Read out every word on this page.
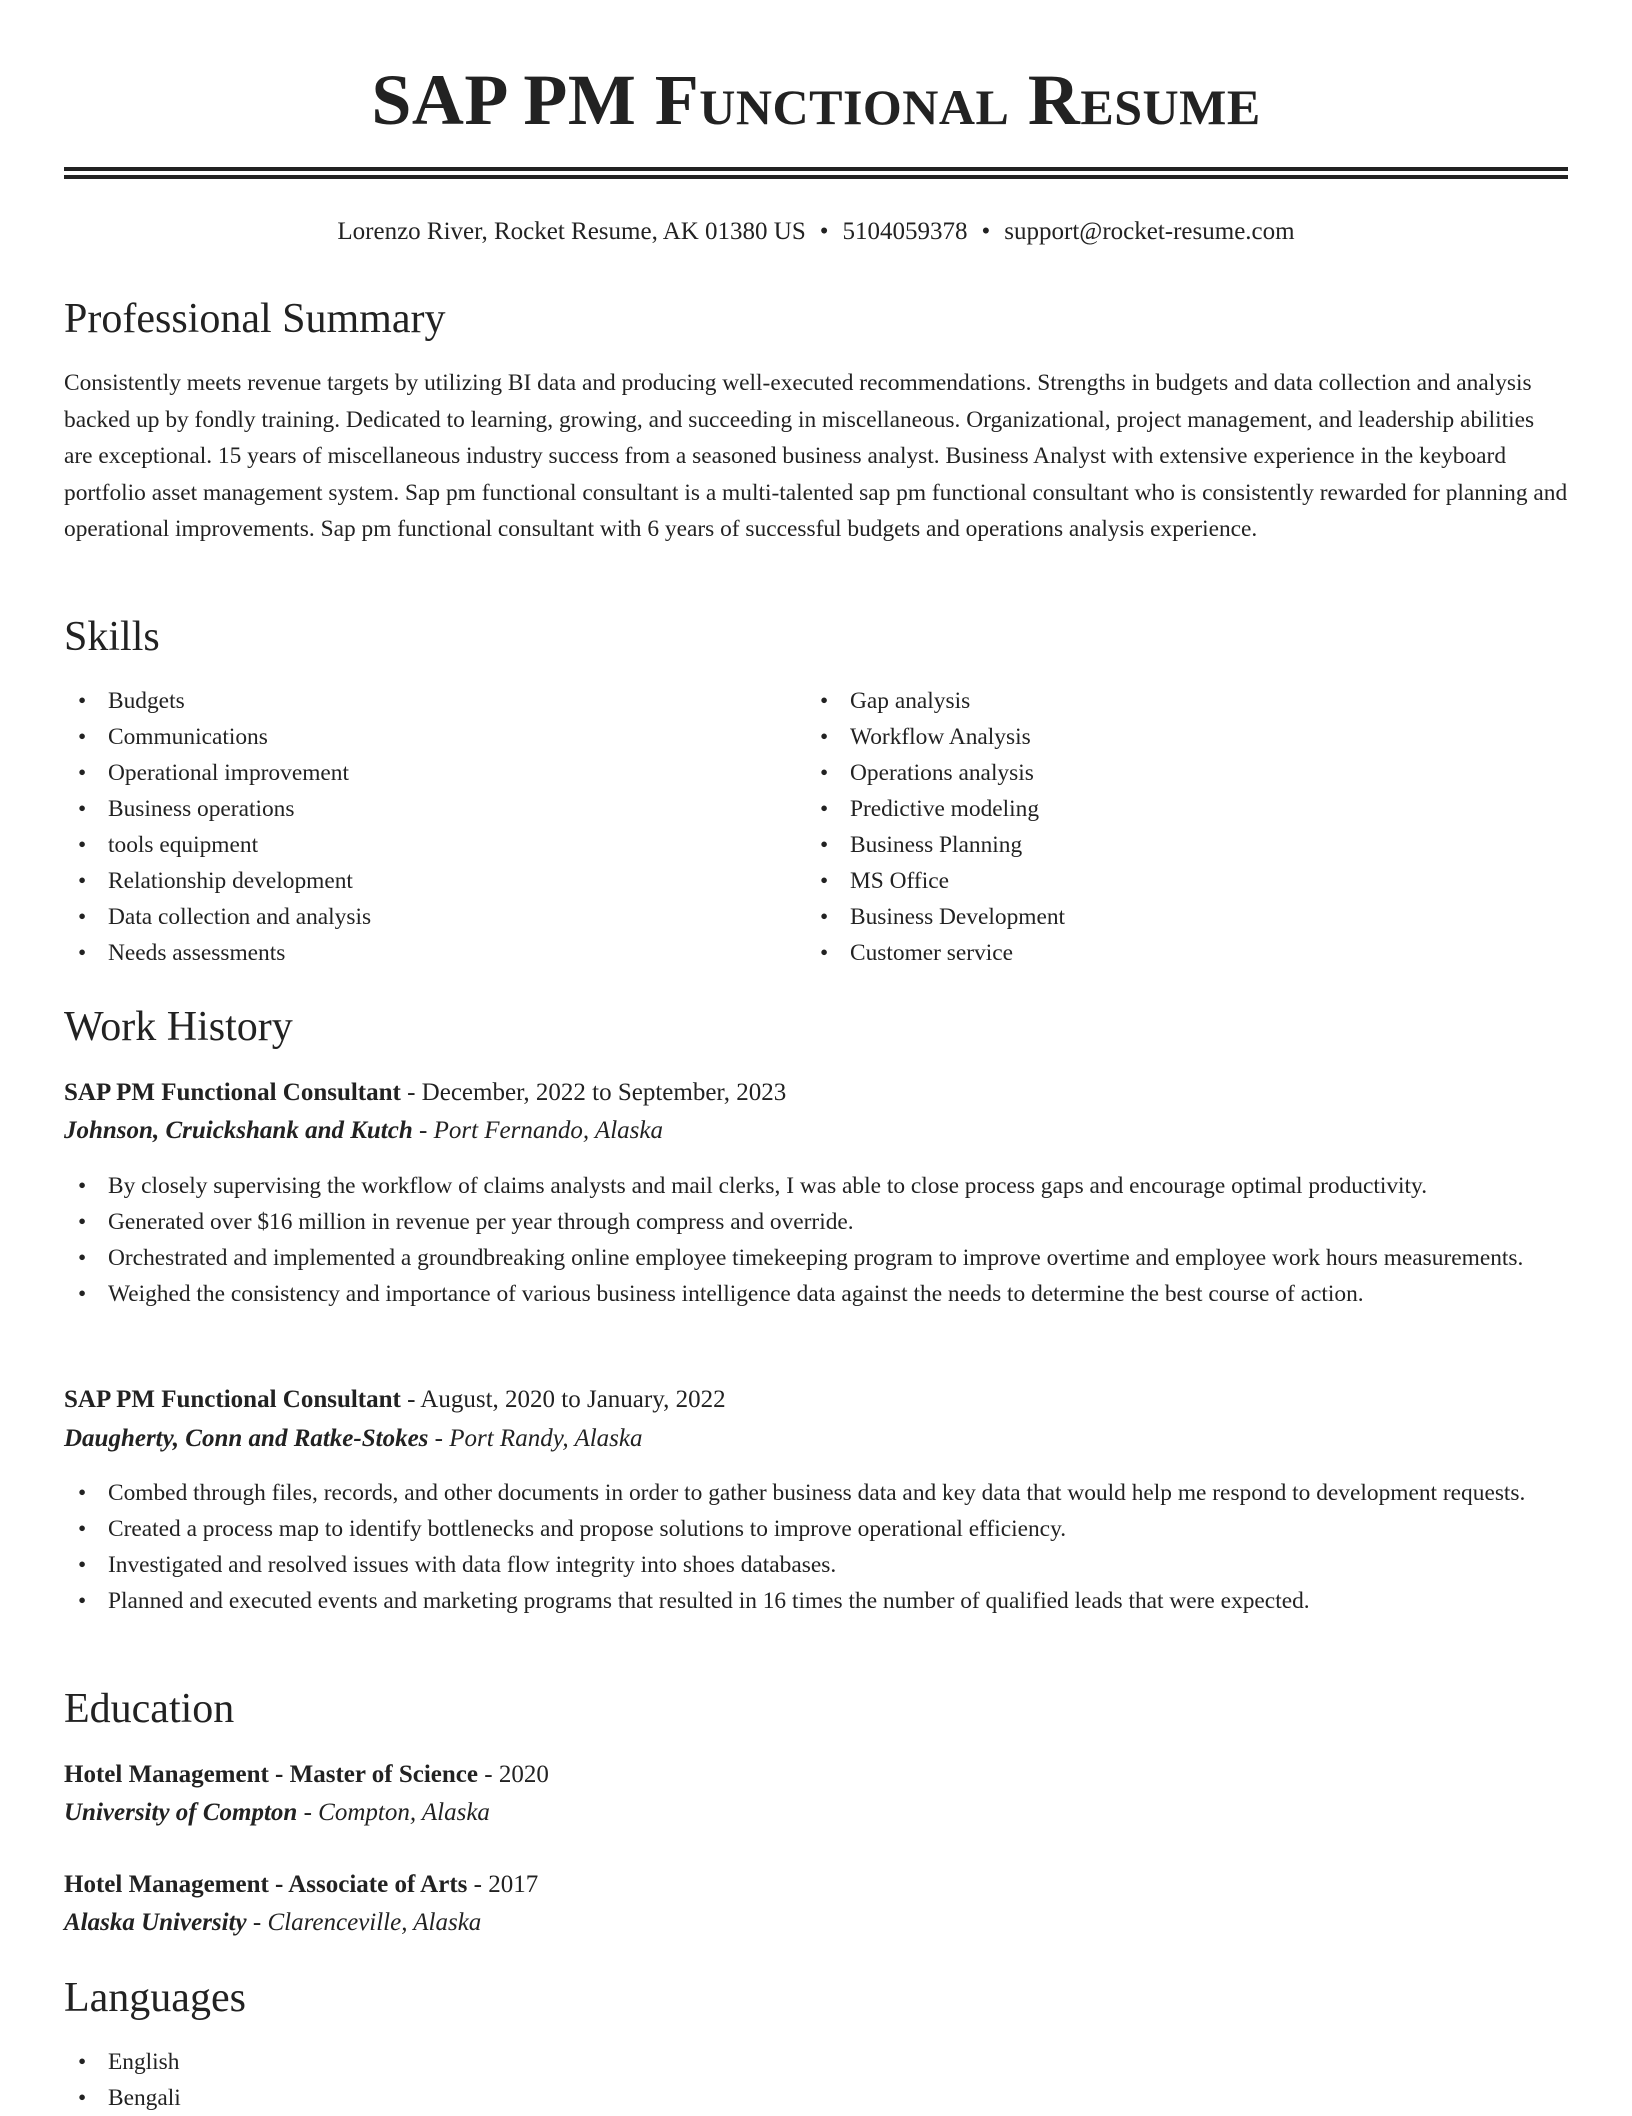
SAP PM Functional Resume
Lorenzo River, Rocket Resume, AK 01380 US • 5104059378 • support@rocket-resume.com
Professional Summary

Consistently meets revenue targets by utilizing BI data and producing well-executed recommendations. Strengths in budgets and data collection and analysis backed up by fondly training. Dedicated to learning, growing, and succeeding in miscellaneous. Organizational, project management, and leadership abilities are exceptional. 15 years of miscellaneous industry success from a seasoned business analyst. Business Analyst with extensive experience in the keyboard portfolio asset management system. Sap pm functional consultant is a multi-talented sap pm functional consultant who is consistently rewarded for planning and operational improvements. Sap pm functional consultant with 6 years of successful budgets and operations analysis experience.

Skills
• Budgets
• Communications
• Operational improvement
• Business operations
• tools equipment
• Relationship development
• Data collection and analysis
• Needs assessments
• Gap analysis
• Workflow Analysis
• Operations analysis
• Predictive modeling
• Business Planning
• MS Office
• Business Development
• Customer service
Work History
SAP PM Functional Consultant - December, 2022 to September, 2023
Johnson, Cruickshank and Kutch - Port Fernando, Alaska
• By closely supervising the workflow of claims analysts and mail clerks, I was able to close process gaps and encourage optimal productivity.
• Generated over $16 million in revenue per year through compress and override.
• Orchestrated and implemented a groundbreaking online employee timekeeping program to improve overtime and employee work hours measurements.
• Weighed the consistency and importance of various business intelligence data against the needs to determine the best course of action.
SAP PM Functional Consultant - August, 2020 to January, 2022
Daugherty, Conn and Ratke-Stokes - Port Randy, Alaska
• Combed through files, records, and other documents in order to gather business data and key data that would help me respond to development requests.
• Created a process map to identify bottlenecks and propose solutions to improve operational efficiency.
• Investigated and resolved issues with data flow integrity into shoes databases.
• Planned and executed events and marketing programs that resulted in 16 times the number of qualified leads that were expected.
Education
Hotel Management - Master of Science - 2020
University of Compton - Compton, Alaska
Hotel Management - Associate of Arts - 2017
Alaska University - Clarenceville, Alaska
Languages
• English
• Bengali
